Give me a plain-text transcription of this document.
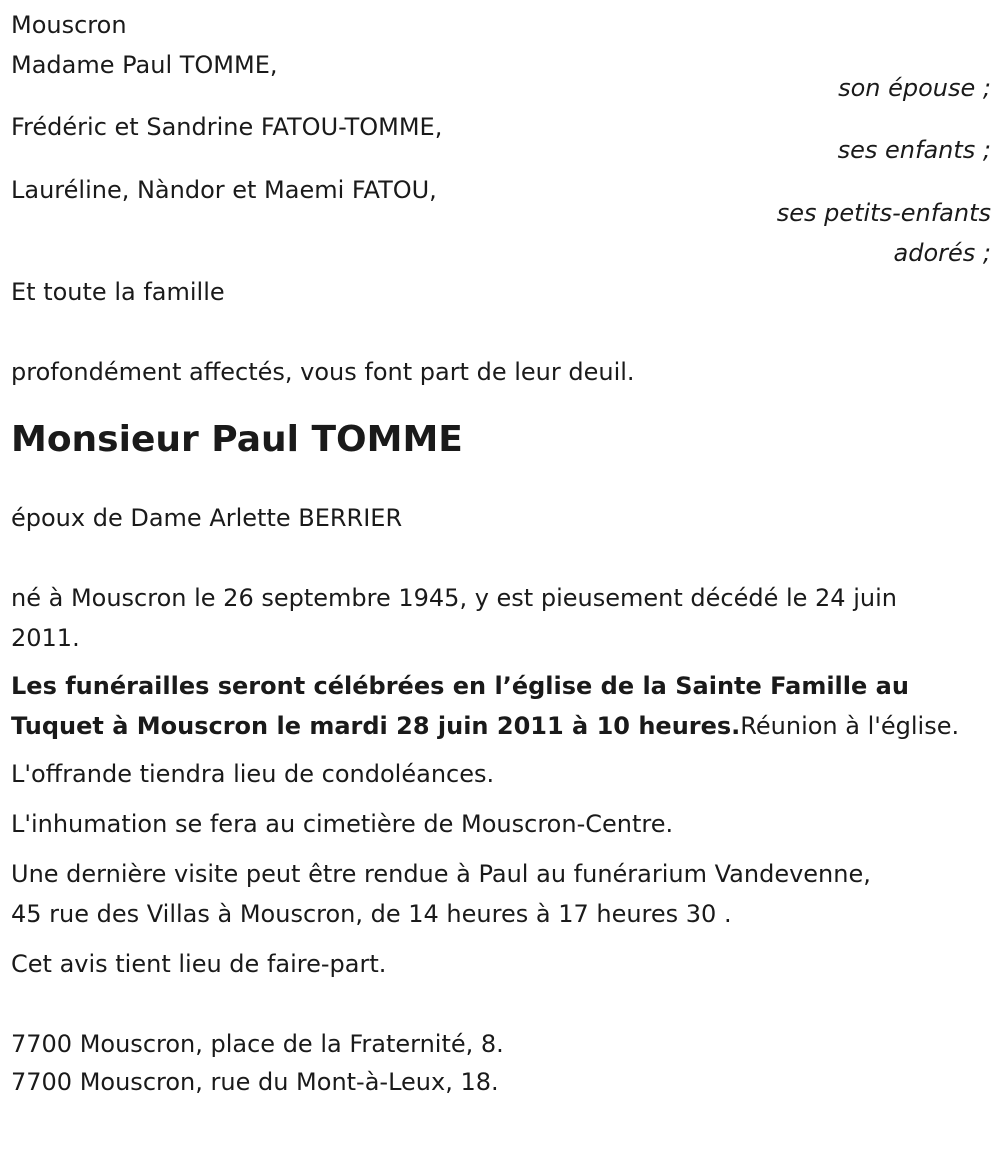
Mouscron

Madame Paul TOMME,

son épouse ;

Frédéric et Sandrine FATOU-TOMME,

ses enfants ;

Lauréline, Nàndor et Maemi FATOU,

ses petits-enfants
adorés ;

Et toute la famille

profondément affectés, vous font part de leur deuil.

Monsieur Paul TOMME

époux de Dame Arlette BERRIER

né à Mouscron le 26 septembre 1945, y est pieusement décédé le 24 juin

2011.

Les funérailles seront célébrées en l’église de la Sainte Famille au

Tuquet à Mouscron le mardi 28 juin 2011 à 10 heures.Réunion à l'église.

L'offrande tiendra lieu de condoléances.

L'inhumation se fera au cimetière de Mouscron-Centre.

Une dernière visite peut être rendue à Paul au funérarium Vandevenne,

45 rue des Villas à Mouscron, de 14 heures à 17 heures 30 .

Cet avis tient lieu de faire-part.

7700 Mouscron, place de la Fraternité, 8.

7700 Mouscron, rue du Mont-à-Leux, 18.
